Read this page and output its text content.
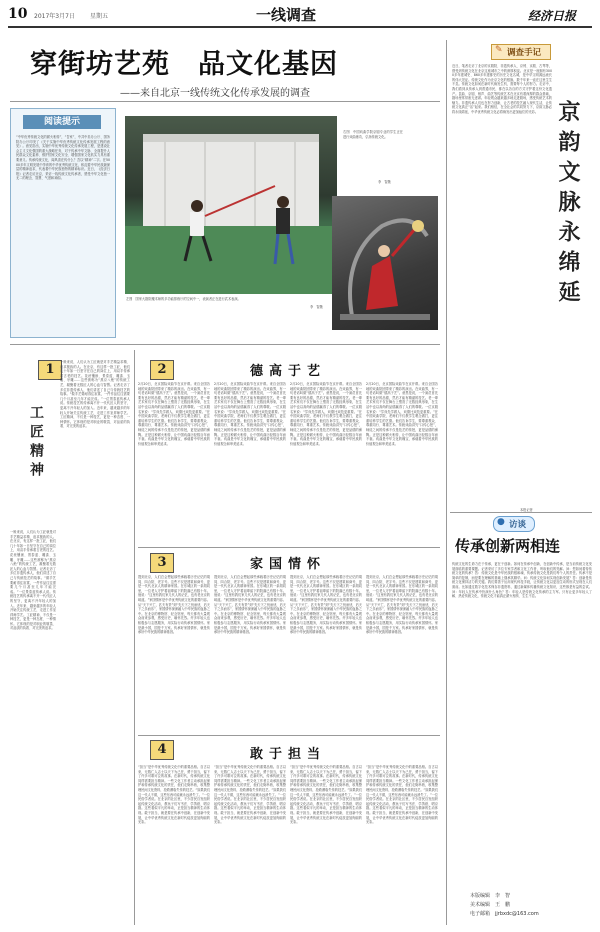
10 2017年3月7日	星期五	一线调查	经济日报
穿街坊艺苑　品文化基因
——来自北京一线传统文化传承发展的调查
阅读提示
“中华优秀传统文化的薪火相传”，“吾家”，中共中央办公厅、国务院办公厅印发了《关于实施中华优秀传统文化传承发展工程的意见》。意见指出，实施中华优秀传统文化传承发展工程，是建设社会主义文化强国的重大战略任务，对于传承中华文脉、全面提升人民群众文化素养、维护国家文化安全、增强国家文化软实力具有重要意义。传承传统文化，闻风喜在传什么？吾以“精神”二字。在5000多年文明发展中孕育的中华优秀传统文化，积淀着中华民族最深层的精神追求，代表着中华民族独特的精神标识。近日，《经济日报》记者走访北京，采访一线传统文化传承者，感受中华文化独一无二的理念、智慧、气度和神韵。
左图　国家大剧院魔术师的多功能排练厅的空间中一，表演者正在进行武术表演。
李　智摄
右图　中国戏曲学院京剧专业的学生正在进行戏曲练功，弘扬传统文化。
李　智摄
✎ 调查手记
近日，笔者走访了北京的京剧院、非遗传承人、京绣、京剧、古琴等，感受到传统文化在北京这座城市之中的深厚积淀。北京是一座拥有3000多年建城史、860多年建都史的历史文化名城，是中华文明源远流长的伟大见证。传统文化作为北京文化的根脉，数千年来一直在这里生生不息。传统文化如何在新时代焕发生机，需要每个人的努力。走访中，我们看到从传承人到普通市民，都在以各自的方式守护着这份文化遗产。昆曲、京剧、相声、曲艺等传统艺术在北京有着深厚的群众基础，剧场里常常座无虚席。年轻观众越来越多地走进剧场，感受传统艺术的魅力。非遗传承人们也在努力创新，让古老的技艺融入现代生活，让传统文化真正“活”起来。我们相信，在全社会的共同努力下，京韵文脉必将永续绵延，中华优秀传统文化必将焕发出更加灿烂的光彩。 京韵文脉永绵延
本报记者
1
工匠精神
一般来说，人们认为工匠就是对手艺精益求精、追求极致的人。在北京，有这样一批工匠，他们几十年如一日坚守在自己的岗位上，用双手传承着古老的技艺。花丝镶嵌、景泰蓝、雕漆、玉雕、牙雕……这些被称为“燕京八绝”的传统工艺，凝聚着无数匠人的心血与智慧。记者走访了多位非遗传承人，他们讲述了自己与传统技艺的故事。“做手艺要耐得住寂寞，一件作品往往需要几个月甚至几年才能完成。”一位景泰蓝传承人说。传统技艺的传承离不开一代代匠人的坚守，更离不开年轻人的加入。近年来，越来越多的年轻人开始关注传统工艺，走进工作室拜师学艺。工匠精神，不仅是一种技艺，更是一种态度、一种情怀。它体现的是对职业的敬畏、对品质的执着、对完美的追求。
一般来说，人们认为工匠就是对手艺精益求精、追求极致的人。在北京，有这样一批工匠，他们几十年如一日坚守在自己的岗位上，用双手传承着古老的技艺。花丝镶嵌、景泰蓝、雕漆、玉雕、牙雕……这些被称为“燕京八绝”的传统工艺，凝聚着无数匠人的心血与智慧。记者走访了多位非遗传承人，他们讲述了自己与传统技艺的故事。“做手艺要耐得住寂寞，一件作品往往需要几个月甚至几年才能完成。”一位景泰蓝传承人说。传统技艺的传承离不开一代代匠人的坚守，更离不开年轻人的加入。近年来，越来越多的年轻人开始关注传统工艺，走进工作室拜师学艺。工匠精神，不仅是一种技艺，更是一种态度、一种情怀。它体现的是对职业的敬畏、对品质的执着、对完美的追求。
2	德高于艺
2月20日，北京国际戏曲节在京开幕。来自全国各地的戏曲院团带来了精彩的演出。在戏曲界，有一句老话叫做“德高于艺”。意思是说，一个演员首先要有良好的品德，然后才能有精湛的技艺。老一辈艺术家们不仅在舞台上塑造了无数经典形象，在生活中也以高尚的品德赢得了人们的尊敬。一位京剧名家说：“学戏先学做人，戏德比戏技更重要。”在中国戏曲学院，老师们不仅教学生唱念做打，更注重培养学生的艺德。他们告诉学生，要尊重观众、尊重同行、尊重艺术。传统戏曲讲究“口传心授”，师徒之间的传承不仅是技艺的传授，更是品德的熏陶。正是这种薪火相传，让中国戏曲历经数百年而不衰。戏曲是中华文化的瑰宝，承载着中华民族的价值观念和审美追求。
2月20日，北京国际戏曲节在京开幕。来自全国各地的戏曲院团带来了精彩的演出。在戏曲界，有一句老话叫做“德高于艺”。意思是说，一个演员首先要有良好的品德，然后才能有精湛的技艺。老一辈艺术家们不仅在舞台上塑造了无数经典形象，在生活中也以高尚的品德赢得了人们的尊敬。一位京剧名家说：“学戏先学做人，戏德比戏技更重要。”在中国戏曲学院，老师们不仅教学生唱念做打，更注重培养学生的艺德。他们告诉学生，要尊重观众、尊重同行、尊重艺术。传统戏曲讲究“口传心授”，师徒之间的传承不仅是技艺的传授，更是品德的熏陶。正是这种薪火相传，让中国戏曲历经数百年而不衰。戏曲是中华文化的瑰宝，承载着中华民族的价值观念和审美追求。
2月20日，北京国际戏曲节在京开幕。来自全国各地的戏曲院团带来了精彩的演出。在戏曲界，有一句老话叫做“德高于艺”。意思是说，一个演员首先要有良好的品德，然后才能有精湛的技艺。老一辈艺术家们不仅在舞台上塑造了无数经典形象，在生活中也以高尚的品德赢得了人们的尊敬。一位京剧名家说：“学戏先学做人，戏德比戏技更重要。”在中国戏曲学院，老师们不仅教学生唱念做打，更注重培养学生的艺德。他们告诉学生，要尊重观众、尊重同行、尊重艺术。传统戏曲讲究“口传心授”，师徒之间的传承不仅是技艺的传授，更是品德的熏陶。正是这种薪火相传，让中国戏曲历经数百年而不衰。戏曲是中华文化的瑰宝，承载着中华民族的价值观念和审美追求。
2月20日，北京国际戏曲节在京开幕。来自全国各地的戏曲院团带来了精彩的演出。在戏曲界，有一句老话叫做“德高于艺”。意思是说，一个演员首先要有良好的品德，然后才能有精湛的技艺。老一辈艺术家们不仅在舞台上塑造了无数经典形象，在生活中也以高尚的品德赢得了人们的尊敬。一位京剧名家说：“学戏先学做人，戏德比戏技更重要。”在中国戏曲学院，老师们不仅教学生唱念做打，更注重培养学生的艺德。他们告诉学生，要尊重观众、尊重同行、尊重艺术。传统戏曲讲究“口传心授”，师徒之间的传承不仅是技艺的传授，更是品德的熏陶。正是这种薪火相传，让中国戏曲历经数百年而不衰。戏曲是中华文化的瑰宝，承载着中华民族的价值观念和审美追求。
3	家国情怀
提到北京，人们总会想起那些承载着历史记忆的胡同、四合院、老字号。这些不仅是建筑和商号，更是一代代北京人的精神家园。在东城区的一条胡同里，一位老人守护着祖辈留下的院落已有数十年。他说：“这里有我们家几代人的记忆，也有老北京的味道。”家国情怀是中华优秀传统文化的重要内容。从“天下兴亡，匹夫有责”到“先天下之忧而忧，后天下之乐而乐”，家国情怀深深融入中华民族的血脉之中。在北京的博物馆、纪念馆里，每天都有大量观众前来参观，感受历史，缅怀先烈。许多年轻人也积极参与志愿服务，用实际行动传承家国情怀。家是最小国，国是千万家。传承好家国情怀，就是传承好中华民族的精神基因。
提到北京，人们总会想起那些承载着历史记忆的胡同、四合院、老字号。这些不仅是建筑和商号，更是一代代北京人的精神家园。在东城区的一条胡同里，一位老人守护着祖辈留下的院落已有数十年。他说：“这里有我们家几代人的记忆，也有老北京的味道。”家国情怀是中华优秀传统文化的重要内容。从“天下兴亡，匹夫有责”到“先天下之忧而忧，后天下之乐而乐”，家国情怀深深融入中华民族的血脉之中。在北京的博物馆、纪念馆里，每天都有大量观众前来参观，感受历史，缅怀先烈。许多年轻人也积极参与志愿服务，用实际行动传承家国情怀。家是最小国，国是千万家。传承好家国情怀，就是传承好中华民族的精神基因。
提到北京，人们总会想起那些承载着历史记忆的胡同、四合院、老字号。这些不仅是建筑和商号，更是一代代北京人的精神家园。在东城区的一条胡同里，一位老人守护着祖辈留下的院落已有数十年。他说：“这里有我们家几代人的记忆，也有老北京的味道。”家国情怀是中华优秀传统文化的重要内容。从“天下兴亡，匹夫有责”到“先天下之忧而忧，后天下之乐而乐”，家国情怀深深融入中华民族的血脉之中。在北京的博物馆、纪念馆里，每天都有大量观众前来参观，感受历史，缅怀先烈。许多年轻人也积极参与志愿服务，用实际行动传承家国情怀。家是最小国，国是千万家。传承好家国情怀，就是传承好中华民族的精神基因。
提到北京，人们总会想起那些承载着历史记忆的胡同、四合院、老字号。这些不仅是建筑和商号，更是一代代北京人的精神家园。在东城区的一条胡同里，一位老人守护着祖辈留下的院落已有数十年。他说：“这里有我们家几代人的记忆，也有老北京的味道。”家国情怀是中华优秀传统文化的重要内容。从“天下兴亡，匹夫有责”到“先天下之忧而忧，后天下之乐而乐”，家国情怀深深融入中华民族的血脉之中。在北京的博物馆、纪念馆里，每天都有大量观众前来参观，感受历史，缅怀先烈。许多年轻人也积极参与志愿服务，用实际行动传承家国情怀。家是最小国，国是千万家。传承好家国情怀，就是传承好中华民族的精神基因。
4	敢于担当
“担当”是中华优秀传统文化中的重要品格。自古以来，无数仁人志士以天下为己任，勇于担当，留下了许多可歌可泣的故事。在新时代，传承传统文化同样需要担当精神。一些文化工作者主动承担起保护和传承传统文化的责任，他们走街串巷，收集整理民间文化资料，抢救濒临失传的技艺。“如果我们这一代人不做，这些东西可能就永远消失了。”一位民俗学者说。在北京的社区里，不少居民自发组织起传统文化活动，教孩子们写书法、学剪纸、唱京剧。这些看似平凡的举动，正是担当精神的生动体现。敢于担当，就是要在传承中创新，在创新中发展，让中华优秀传统文化在新时代绽放更加绚丽的光彩。
“担当”是中华优秀传统文化中的重要品格。自古以来，无数仁人志士以天下为己任，勇于担当，留下了许多可歌可泣的故事。在新时代，传承传统文化同样需要担当精神。一些文化工作者主动承担起保护和传承传统文化的责任，他们走街串巷，收集整理民间文化资料，抢救濒临失传的技艺。“如果我们这一代人不做，这些东西可能就永远消失了。”一位民俗学者说。在北京的社区里，不少居民自发组织起传统文化活动，教孩子们写书法、学剪纸、唱京剧。这些看似平凡的举动，正是担当精神的生动体现。敢于担当，就是要在传承中创新，在创新中发展，让中华优秀传统文化在新时代绽放更加绚丽的光彩。
“担当”是中华优秀传统文化中的重要品格。自古以来，无数仁人志士以天下为己任，勇于担当，留下了许多可歌可泣的故事。在新时代，传承传统文化同样需要担当精神。一些文化工作者主动承担起保护和传承传统文化的责任，他们走街串巷，收集整理民间文化资料，抢救濒临失传的技艺。“如果我们这一代人不做，这些东西可能就永远消失了。”一位民俗学者说。在北京的社区里，不少居民自发组织起传统文化活动，教孩子们写书法、学剪纸、唱京剧。这些看似平凡的举动，正是担当精神的生动体现。敢于担当，就是要在传承中创新，在创新中发展，让中华优秀传统文化在新时代绽放更加绚丽的光彩。
“担当”是中华优秀传统文化中的重要品格。自古以来，无数仁人志士以天下为己任，勇于担当，留下了许多可歌可泣的故事。在新时代，传承传统文化同样需要担当精神。一些文化工作者主动承担起保护和传承传统文化的责任，他们走街串巷，收集整理民间文化资料，抢救濒临失传的技艺。“如果我们这一代人不做，这些东西可能就永远消失了。”一位民俗学者说。在北京的社区里，不少居民自发组织起传统文化活动，教孩子们写书法、学剪纸、唱京剧。这些看似平凡的举动，正是担当精神的生动体现。敢于担当，就是要在传承中创新，在创新中发展，让中华优秀传统文化在新时代绽放更加绚丽的光彩。
● 访谈
传承创新两相连
传统文化的生命力在于传承，更在于创新。如何在传承中创新，在创新中传承，是当前传统文化发展面临的重要课题。记者采访了多位专家学者和文化工作者，听取他们的见解。问：您如何看待传统文化的传承？答：传统文化是中华民族的根和魂，传承传统文化是我们每个人的责任。传承不是简单的复制，而是要在理解的基础上继承其精华。问：传统文化如何实现创新发展？答：创新是传统文化保持活力的关键。我们要善于运用现代科技手段，让传统文化以更加生动的形式呈现在人们面前。比如通过数字化技术保存非遗资料，通过新媒体传播传统文化知识，这些都是有益的尝试。问：年轻人在传承中扮演什么角色？答：年轻人是传统文化传承的主力军。只有让更多年轻人了解、热爱传统文化，传统文化才能真正薪火相传、生生不息。
本版编辑　 李　智
美术编辑　 王　鹏
电子邮箱　 jjrbxdc@163.com
